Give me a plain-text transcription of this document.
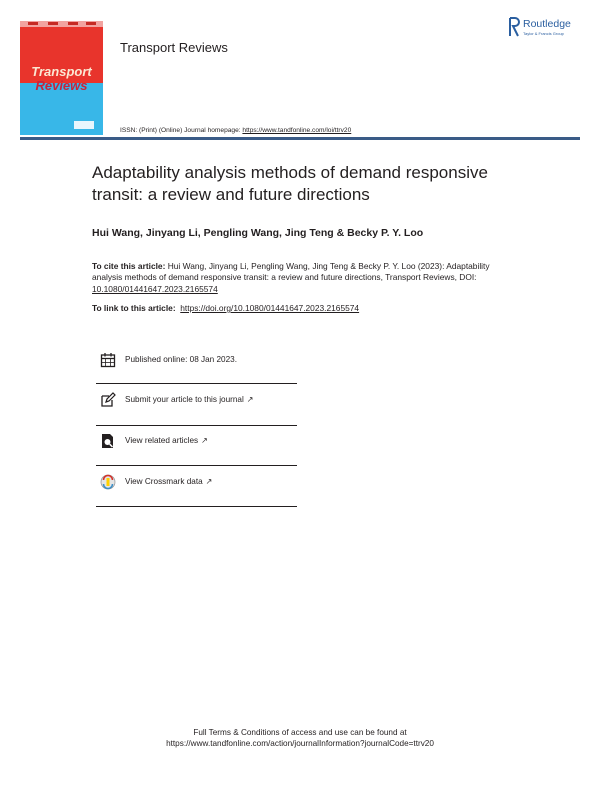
Transport
Reviews
Transport Reviews
Routledge
Taylor & Francis Group
ISSN: (Print) (Online) Journal homepage: https://www.tandfonline.com/loi/ttrv20
Adaptability analysis methods of demand responsive transit: a review and future directions
Hui Wang, Jinyang Li, Pengling Wang, Jing Teng & Becky P. Y. Loo
To cite this article: Hui Wang, Jinyang Li, Pengling Wang, Jing Teng & Becky P. Y. Loo (2023): Adaptability analysis methods of demand responsive transit: a review and future directions, Transport Reviews, DOI: 10.1080/01441647.2023.2165574
To link to this article:  https://doi.org/10.1080/01441647.2023.2165574
Published online: 08 Jan 2023.
Submit your article to this journal ↗
View related articles ↗
View Crossmark data ↗
Full Terms & Conditions of access and use can be found at
https://www.tandfonline.com/action/journalInformation?journalCode=ttrv20
